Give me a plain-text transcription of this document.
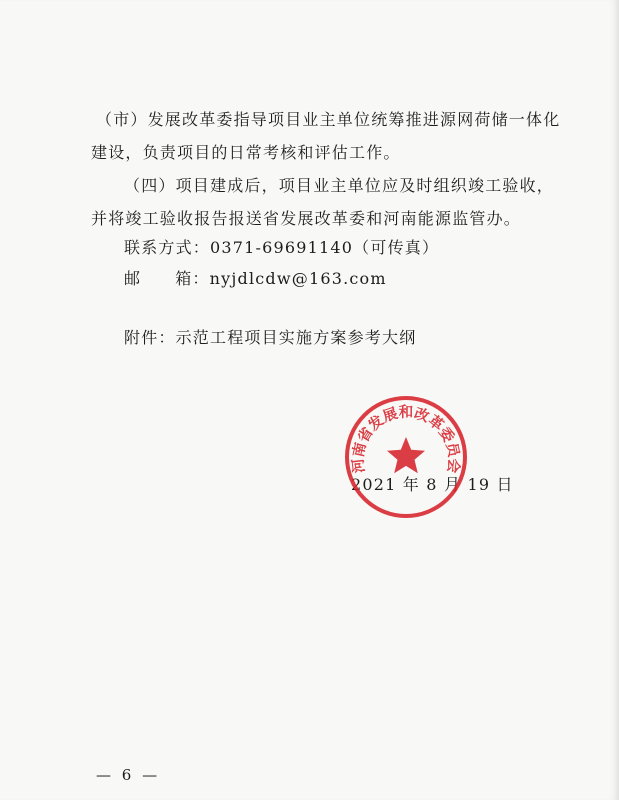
（市）发展改革委指导项目业主单位统筹推进源网荷储一体化
建设，负责项目的日常考核和评估工作。
（四）项目建成后，项目业主单位应及时组织竣工验收，
并将竣工验收报告报送省发展改革委和河南能源监管办。
联系方式：0371-69691140（可传真）
邮 箱：nyjdlcdw@163.com
附件：示范工程项目实施方案参考大纲
2021 年 8 月 19 日
河南省发展和改革委员会
— 6 —
